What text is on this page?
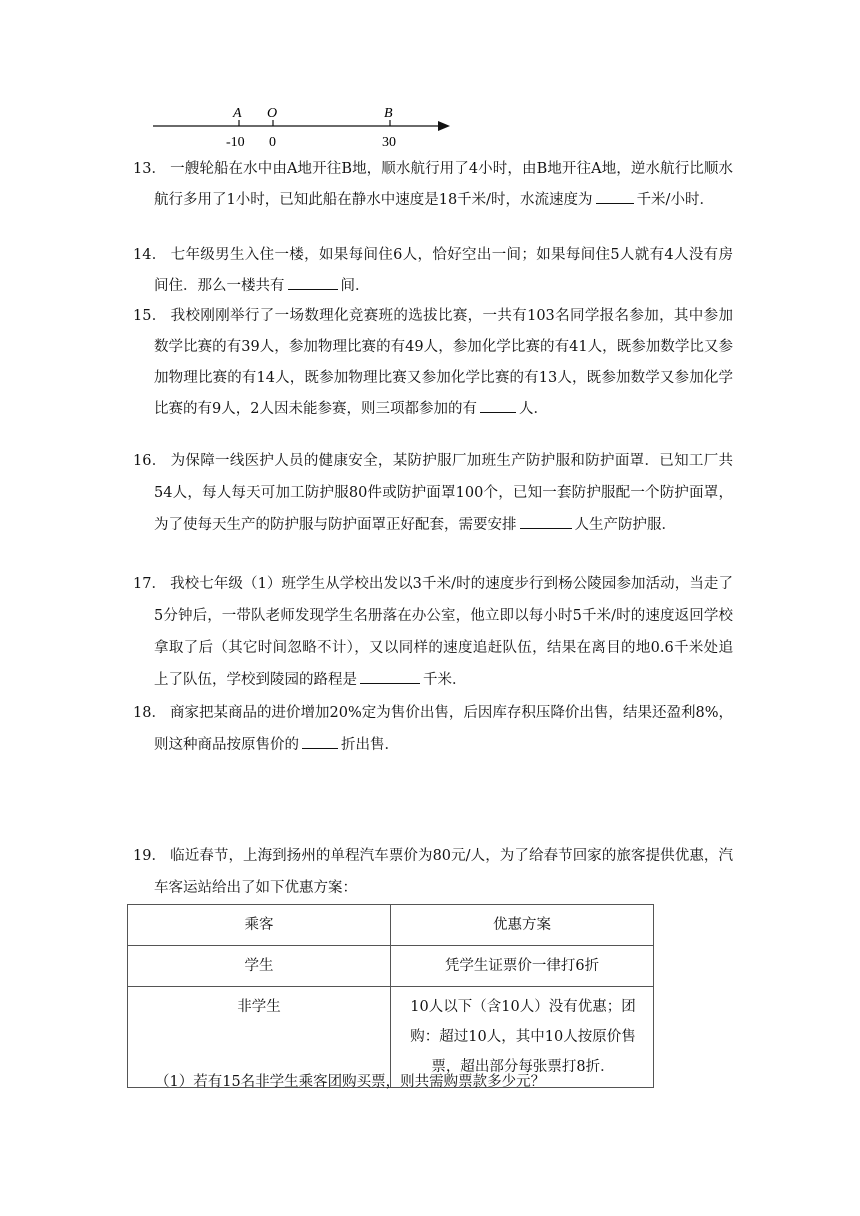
A
-10
O
0
B
30
13． 一艘轮船在水中由A地开往B地，顺水航行用了4小时，由B地开往A地，逆水航行比顺水航行多用了1小时，已知此船在静水中速度是18千米/时，水流速度为	千米/小时．
14． 七年级男生入住一楼，如果每间住6人，恰好空出一间；如果每间住5人就有4人没有房间住．那么一楼共有	间．
15． 我校刚刚举行了一场数理化竞赛班的选拔比赛，一共有103名同学报名参加，其中参加数学比赛的有39人，参加物理比赛的有49人，参加化学比赛的有41人，既参加数学比又参加物理比赛的有14人，既参加物理比赛又参加化学比赛的有13人，既参加数学又参加化学比赛的有9人，2人因未能参赛，则三项都参加的有	人．
16． 为保障一线医护人员的健康安全，某防护服厂加班生产防护服和防护面罩．已知工厂共54人，每人每天可加工防护服80件或防护面罩100个，已知一套防护服配一个防护面罩，为了使每天生产的防护服与防护面罩正好配套，需要安排	人生产防护服．
17． 我校七年级（1）班学生从学校出发以3千米/时的速度步行到杨公陵园参加活动，当走了5分钟后，一带队老师发现学生名册落在办公室，他立即以每小时5千米/时的速度返回学校拿取了后（其它时间忽略不计），又以同样的速度追赶队伍，结果在离目的地0.6千米处追上了队伍，学校到陵园的路程是	千米．
18． 商家把某商品的进价增加20%定为售价出售，后因库存积压降价出售，结果还盈利8%，则这种商品按原售价的	折出售．
19． 临近春节，上海到扬州的单程汽车票价为80元/人，为了给春节回家的旅客提供优惠，汽车客运站给出了如下优惠方案：
乘客	优惠方案
学生	凭学生证票价一律打6折
非学生	10人以下（含10人）没有优惠；团购：超过10人，其中10人按原价售票，超出部分每张票打8折．
（1）若有15名非学生乘客团购买票，则共需购票款多少元？
